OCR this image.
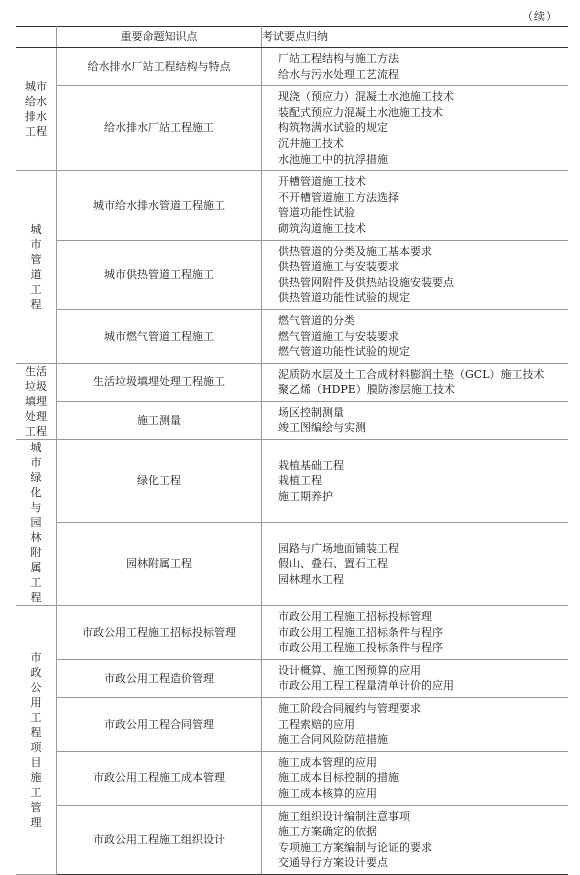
（续）
	重要命题知识点	考试要点归纳

城市给水排水工程	给水排水厂站工程结构与特点	厂站工程结构与施工方法
给水与污水处理工艺流程

	给水排水厂站工程施工	现浇（预应力）混凝土水池施工技术
装配式预应力混凝土水池施工技术
构筑物满水试验的规定
沉井施工技术
水池施工中的抗浮措施

城市管道工程	城市给水排水管道工程施工	开槽管道施工技术
不开槽管道施工方法选择
管道功能性试验
砌筑沟道施工技术

	城市供热管道工程施工	供热管道的分类及施工基本要求
供热管道施工与安装要求
供热管网附件及供热站设施安装要点
供热管道功能性试验的规定

	城市燃气管道工程施工	燃气管道的分类
燃气管道施工与安装要求
燃气管道功能性试验的规定

生活垃圾填埋处理工程	生活垃圾填埋处理工程施工	泥质防水层及土工合成材料膨润土垫（GCL）施工技术
聚乙烯（HDPE）膜防渗层施工技术

	施工测量	场区控制测量
竣工图编绘与实测

城市绿化与园林附属工程	绿化工程	栽植基础工程
栽植工程
施工期养护

	园林附属工程	园路与广场地面铺装工程
假山、叠石、置石工程
园林理水工程

市政公用工程项目施工管理	市政公用工程施工招标投标管理	市政公用工程施工招标投标管理
市政公用工程施工招标条件与程序
市政公用工程施工投标条件与程序

	市政公用工程造价管理	设计概算、施工图预算的应用
市政公用工程工程量清单计价的应用

	市政公用工程合同管理	施工阶段合同履约与管理要求
工程索赔的应用
施工合同风险防范措施

	市政公用工程施工成本管理	施工成本管理的应用
施工成本目标控制的措施
施工成本核算的应用

	市政公用工程施工组织设计	施工组织设计编制注意事项
施工方案确定的依据
专项施工方案编制与论证的要求
交通导行方案设计要点
